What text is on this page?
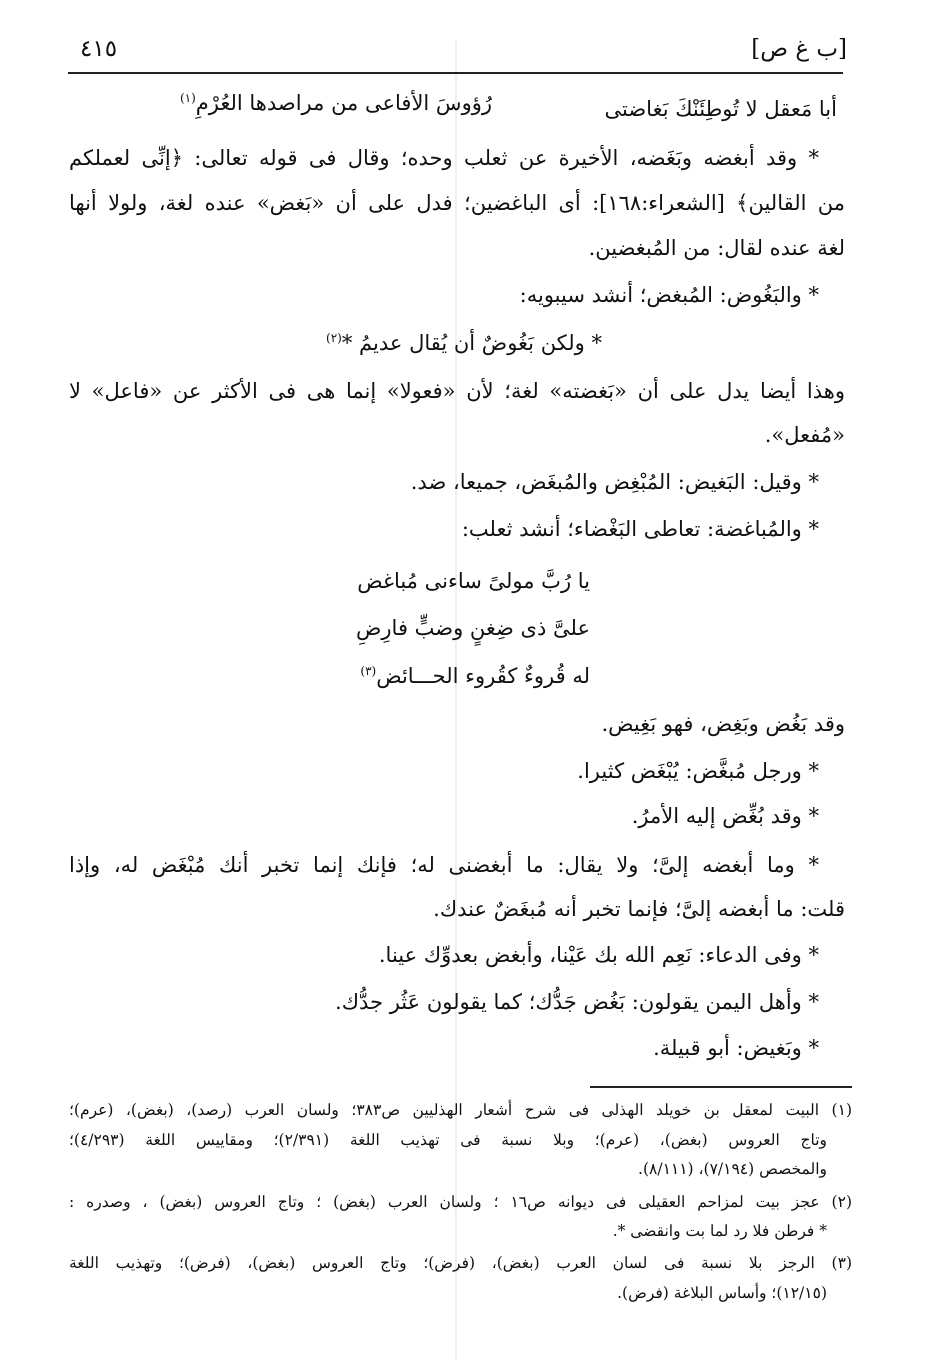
[ب غ ص]
٤١٥
أبا مَعقل لا تُوطِئَنْكَ بَغاضتى
رُؤوسَ الأفاعى من مراصدها العُرْمِ$^{(١)}$
* وقد أبغضه وبَغَضه، الأخيرة عن ثعلب وحده؛ وقال فى قوله تعالى: ﴿إنِّى لعملكم
من القالين﴾ [الشعراء:١٦٨]: أى الباغضين؛ فدل على أن «بَغض» عنده لغة، ولولا أنها
لغة عنده لقال: من المُبغضين.
* والبَغُوض: المُبغض؛ أنشد سيبويه:
* ولكن بَغُوضٌ أن يُقال عديمُ *$^{(٢)}$
وهذا أيضا يدل على أن «بَغضته» لغة؛ لأن «فعولا» إنما هى فى الأكثر عن «فاعل» لا
«مُفعل».
* وقيل: البَغيض: المُبْغِض والمُبغَض، جميعا، ضد.
* والمُباغضة: تعاطى البَغْضاء؛ أنشد ثعلب:
يا رُبَّ مولىً ساءنى مُباغض
علىَّ ذى ضِغنٍ وضبٍّ فارِضِ
له قُروءٌ كقُروء الحـــائض$^{(٣)}$
وقد بَغُض وبَغِض، فهو بَغِيض.
* ورجل مُبغَّض: يُبْغَض كثيرا.
* وقد بُغِّض إليه الأمرُ.
* وما أبغضه إلىَّ؛ ولا يقال: ما أبغضنى له؛ فإنك إنما تخبر أنك مُبْغَض له، وإذا
قلت: ما أبغضه إلىَّ؛ فإنما تخبر أنه مُبغَضٌ عندك.
* وفى الدعاء: نَعِم الله بك عَيْنا، وأبغض بعدوِّك عينا.
* وأهل اليمن يقولون: بَغُض جَدُّك؛ كما يقولون عَثُر جدُّك.
* وبَغيض: أبو قبيلة.
(١) البيت لمعقل بن خويلد الهذلى فى شرح أشعار الهذليين ص٣٨٣؛ ولسان العرب (رصد)، (بغض)، (عرم)؛
وتاج العروس (بغض)، (عرم)؛ وبلا نسبة فى تهذيب اللغة (٢/٣٩١)؛ ومقاييس اللغة (٤/٢٩٣)؛
والمخصص (٧/١٩٤)، (٨/١١١).
(٢) عجز بيت لمزاحم العقيلى فى ديوانه ص١٦ ؛ ولسان العرب (بغض) ؛ وتاج العروس (بغض) ، وصدره :
* فرطن فلا رد لما بت وانقضى *.
(٣) الرجز بلا نسبة فى لسان العرب (بغض)، (فرض)؛ وتاج العروس (بغض)، (فرض)؛ وتهذيب اللغة
(١٢/١٥)؛ وأساس البلاغة (فرض).
